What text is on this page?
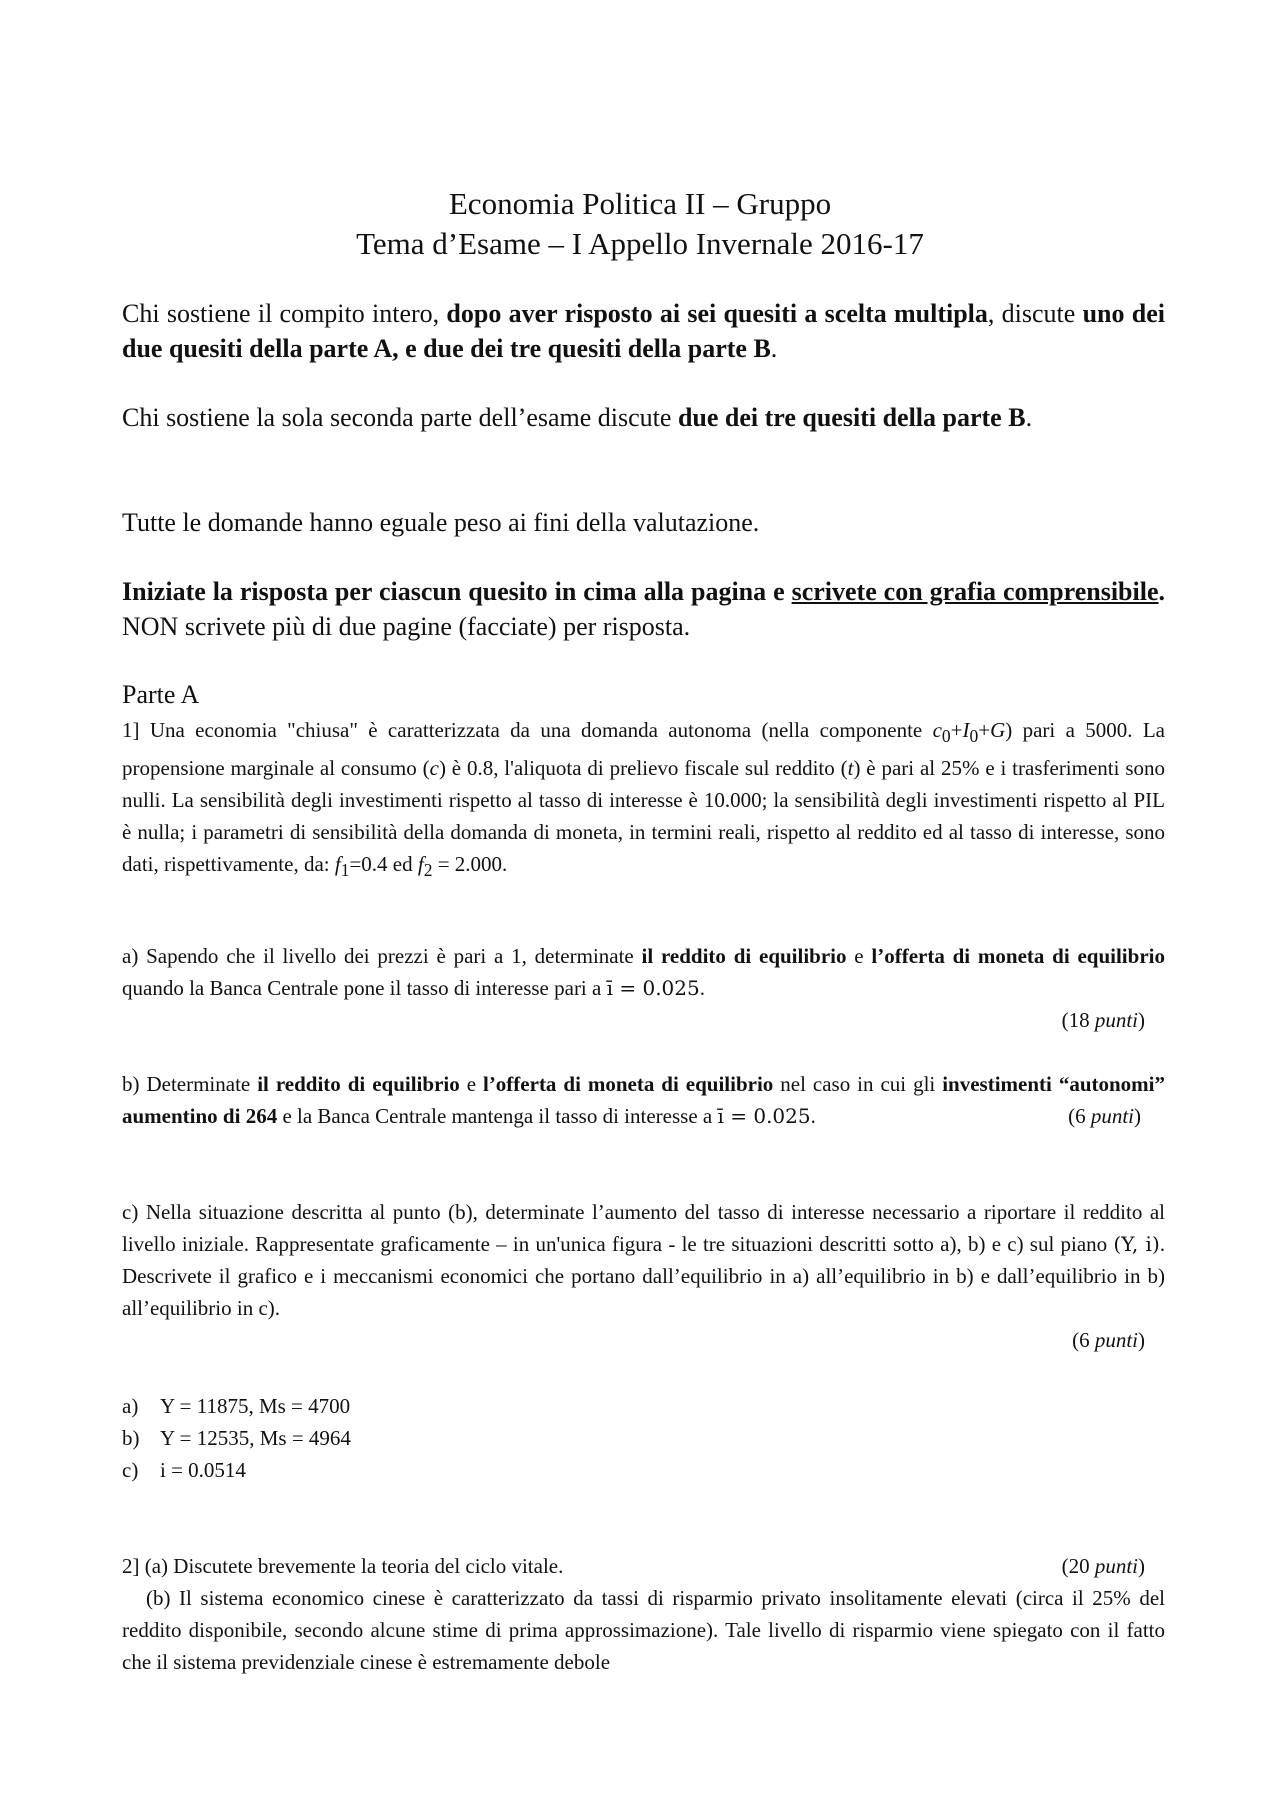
Economia Politica II – Gruppo
Tema d’Esame – I Appello Invernale 2016-17
Chi sostiene il compito intero, dopo aver risposto ai sei quesiti a scelta multipla, discute uno dei due quesiti della parte A, e due dei tre quesiti della parte B.
Chi sostiene la sola seconda parte dell’esame discute due dei tre quesiti della parte B.
Tutte le domande hanno eguale peso ai fini della valutazione.
Iniziate la risposta per ciascun quesito in cima alla pagina e scrivete con grafia comprensibile. NON scrivete più di due pagine (facciate) per risposta.
Parte A
1] Una economia "chiusa" è caratterizzata da una domanda autonoma (nella componente $c_0+I_0+G$) pari a 5000. La propensione marginale al consumo (c) è 0.8, l'aliquota di prelievo fiscale sul reddito (t) è pari al 25% e i trasferimenti sono nulli. La sensibilità degli investimenti rispetto al tasso di interesse è 10.000; la sensibilità degli investimenti rispetto al PIL è nulla; i parametri di sensibilità della domanda di moneta, in termini reali, rispetto al reddito ed al tasso di interesse, sono dati, rispettivamente, da: $f_1=0.4$ ed $f_2 = 2.000$.
a) Sapendo che il livello dei prezzi è pari a 1, determinate il reddito di equilibrio e l’offerta di moneta di equilibrio quando la Banca Centrale pone il tasso di interesse pari a ī = 0.025.
(18 punti)
b) Determinate il reddito di equilibrio e l’offerta di moneta di equilibrio nel caso in cui gli investimenti “autonomi” aumentino di 264 e la Banca Centrale mantenga il tasso di interesse a ī = 0.025.	(6 punti)
c) Nella situazione descritta al punto (b), determinate l’aumento del tasso di interesse necessario a riportare il reddito al livello iniziale. Rappresentate graficamente – in un'unica figura - le tre situazioni descritti sotto a), b) e c) sul piano (Y, i). Descrivete il grafico e i meccanismi economici che portano dall’equilibrio in a) all’equilibrio in b) e dall’equilibrio in b) all’equilibrio in c).
(6 punti)
a)	Y = 11875, Ms = 4700
b) Y = 12535, Ms = 4964
c)	i = 0.0514
2] (a) Discutete brevemente la teoria del ciclo vitale.	(20 punti)
(b) Il sistema economico cinese è caratterizzato da tassi di risparmio privato insolitamente elevati (circa il 25% del reddito disponibile, secondo alcune stime di prima approssimazione). Tale livello di risparmio viene spiegato con il fatto che il sistema previdenziale cinese è estremamente debole
